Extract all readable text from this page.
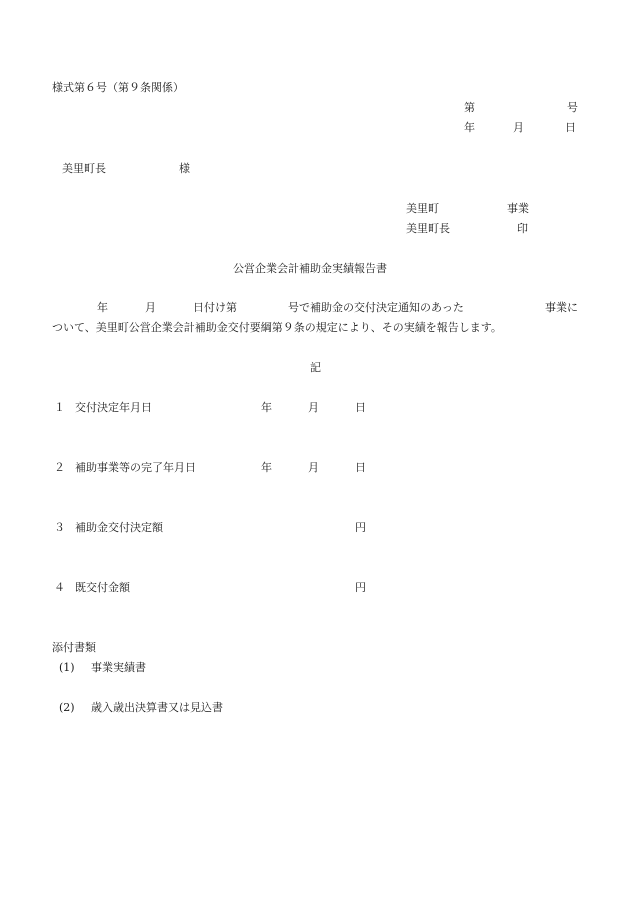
様式第６号（第９条関係）
第	号
年	月	日
美里町長	様
美里町	事業
美里町長	印
公営企業会計補助金実績報告書
年	月	日付け第	号で補助金の交付決定通知のあった	事業に
ついて、美里町公営企業会計補助金交付要綱第９条の規定により、その実績を報告します。
記
１ 交付決定年月日	年	月	日
２ 補助事業等の完了年月日	年	月	日
３ 補助金交付決定額	円
４ 既交付金額	円
添付書類
(1) 事業実績書
(2) 歳入歳出決算書又は見込書
